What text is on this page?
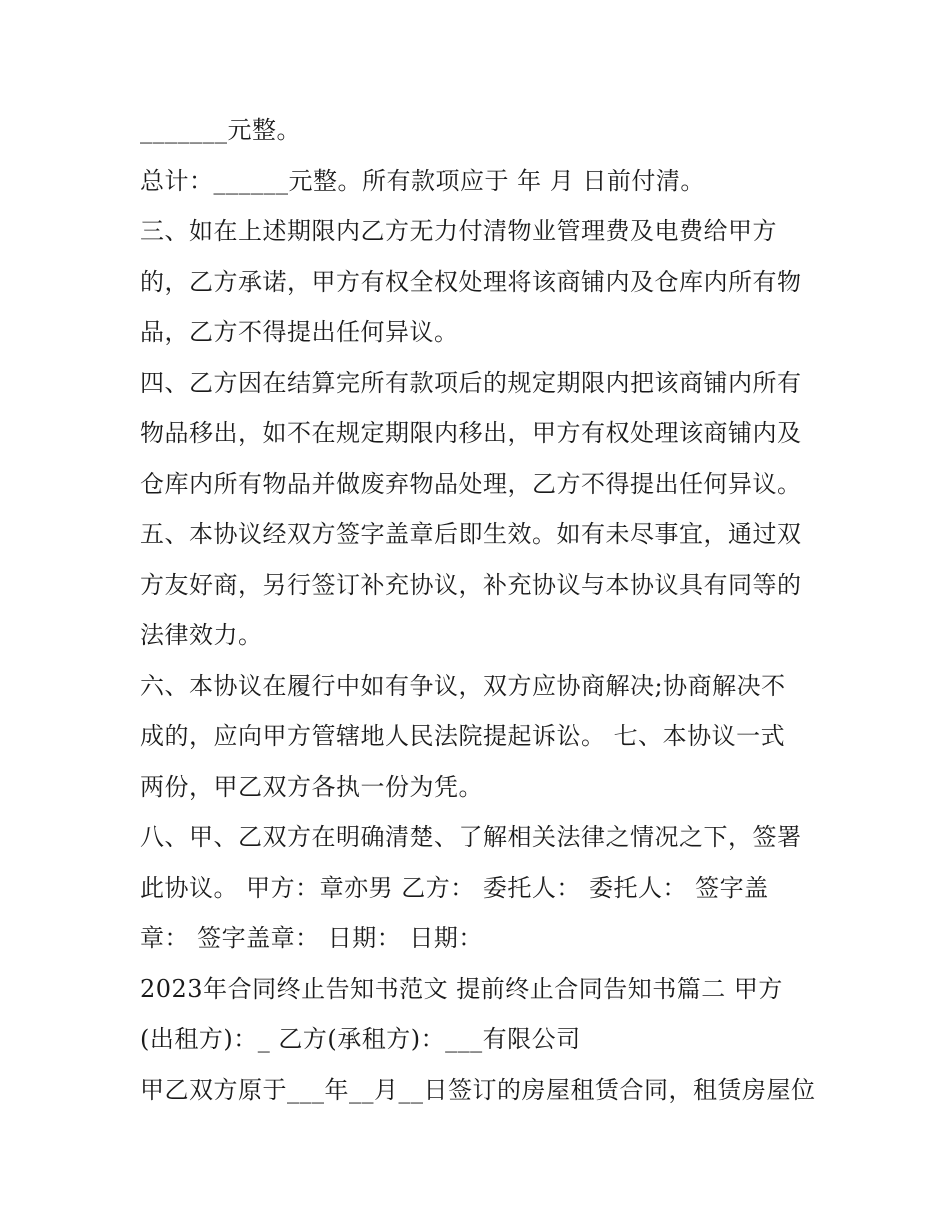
_______元整。
总计：______元整。所有款项应于 年 月 日前付清。
三、如在上述期限内乙方无力付清物业管理费及电费给甲方
的，乙方承诺，甲方有权全权处理将该商铺内及仓库内所有物
品，乙方不得提出任何异议。
四、乙方因在结算完所有款项后的规定期限内把该商铺内所有
物品移出，如不在规定期限内移出，甲方有权处理该商铺内及
仓库内所有物品并做废弃物品处理，乙方不得提出任何异议。
五、本协议经双方签字盖章后即生效。如有未尽事宜，通过双
方友好商，另行签订补充协议，补充协议与本协议具有同等的
法律效力。
六、本协议在履行中如有争议，双方应协商解决;协商解决不
成的，应向甲方管辖地人民法院提起诉讼。 七、本协议一式
两份，甲乙双方各执一份为凭。
八、甲、乙双方在明确清楚、了解相关法律之情况之下，签署
此协议。 甲方：章亦男 乙方： 委托人： 委托人： 签字盖
章： 签字盖章： 日期： 日期：
2023年合同终止告知书范文 提前终止合同告知书篇二 甲方
(出租方)：_ 乙方(承租方)：___有限公司
甲乙双方原于___年__月__日签订的房屋租赁合同，租赁房屋位
